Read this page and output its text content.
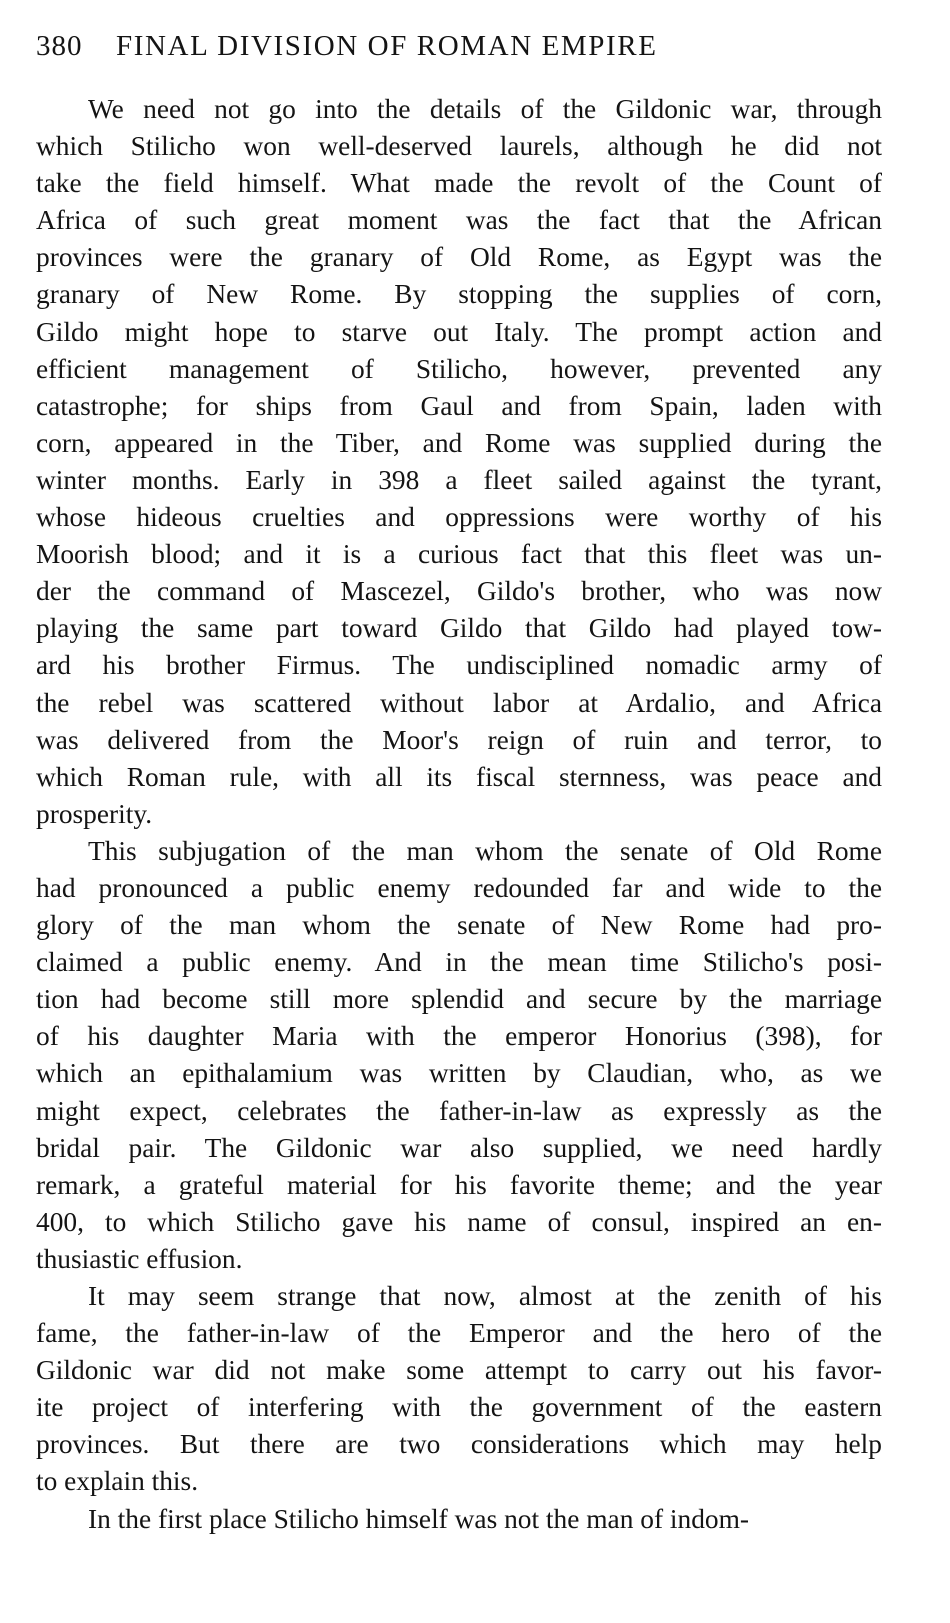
380 FINAL DIVISION OF ROMAN EMPIRE
We need not go into the details of the Gildonic war, through
which Stilicho won well-deserved laurels, although he did not
take the field himself. What made the revolt of the Count of
Africa of such great moment was the fact that the African
provinces were the granary of Old Rome, as Egypt was the
granary of New Rome. By stopping the supplies of corn,
Gildo might hope to starve out Italy. The prompt action and
efficient management of Stilicho, however, prevented any
catastrophe; for ships from Gaul and from Spain, laden with
corn, appeared in the Tiber, and Rome was supplied during the
winter months. Early in 398 a fleet sailed against the tyrant,
whose hideous cruelties and oppressions were worthy of his
Moorish blood; and it is a curious fact that this fleet was un-
der the command of Mascezel, Gildo's brother, who was now
playing the same part toward Gildo that Gildo had played tow-
ard his brother Firmus. The undisciplined nomadic army of
the rebel was scattered without labor at Ardalio, and Africa
was delivered from the Moor's reign of ruin and terror, to
which Roman rule, with all its fiscal sternness, was peace and
prosperity.
This subjugation of the man whom the senate of Old Rome
had pronounced a public enemy redounded far and wide to the
glory of the man whom the senate of New Rome had pro-
claimed a public enemy. And in the mean time Stilicho's posi-
tion had become still more splendid and secure by the marriage
of his daughter Maria with the emperor Honorius (398), for
which an epithalamium was written by Claudian, who, as we
might expect, celebrates the father-in-law as expressly as the
bridal pair. The Gildonic war also supplied, we need hardly
remark, a grateful material for his favorite theme; and the year
400, to which Stilicho gave his name of consul, inspired an en-
thusiastic effusion.
It may seem strange that now, almost at the zenith of his
fame, the father-in-law of the Emperor and the hero of the
Gildonic war did not make some attempt to carry out his favor-
ite project of interfering with the government of the eastern
provinces. But there are two considerations which may help
to explain this.
In the first place Stilicho himself was not the man of indom-
